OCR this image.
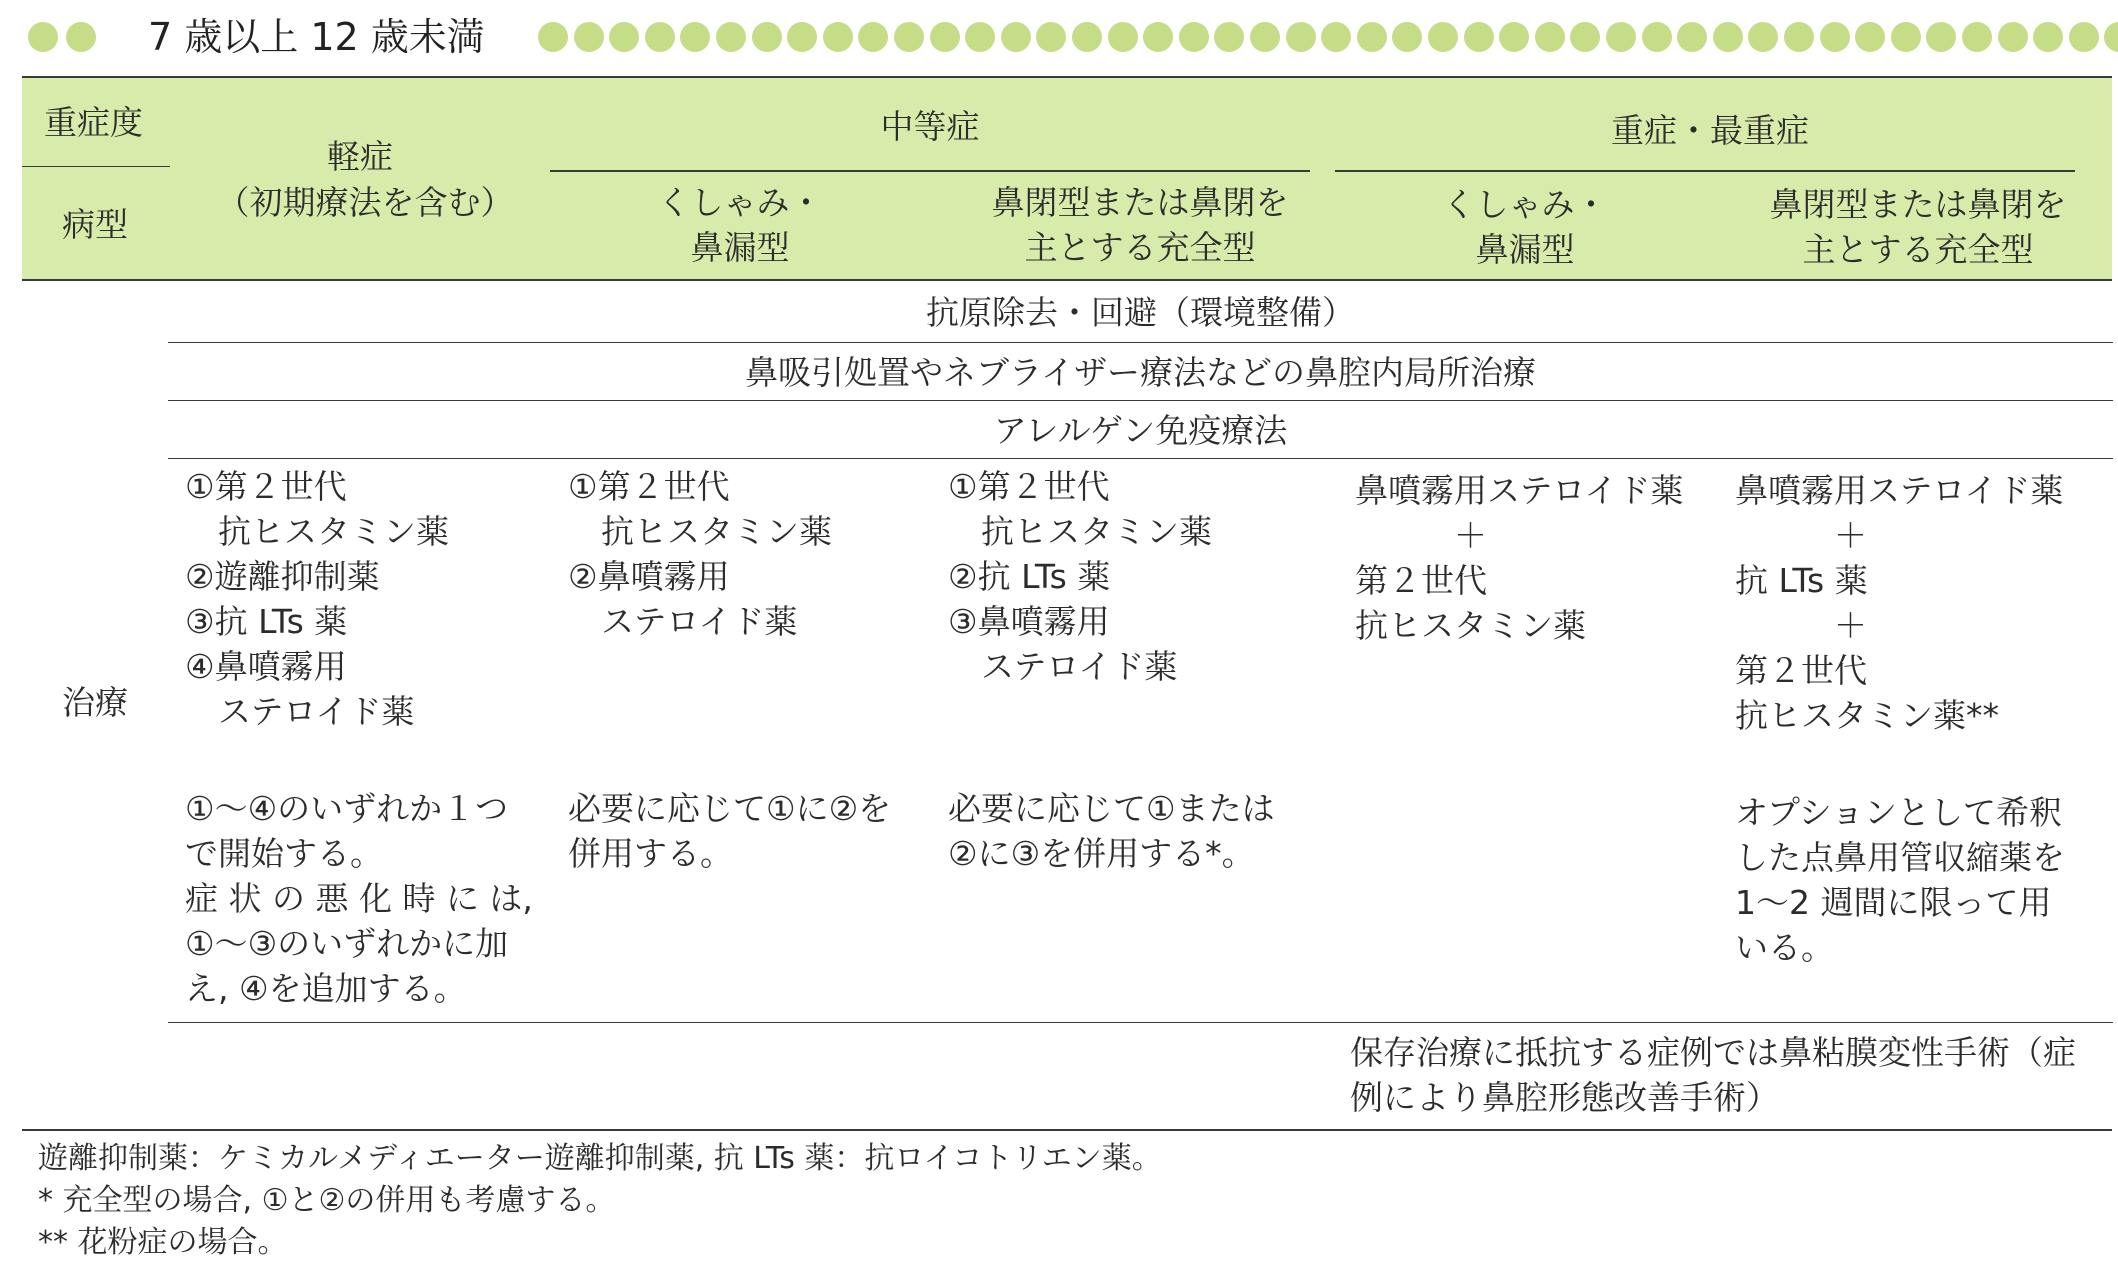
7 歳以上 12 歳未満
重症度
病型
軽症
（初期療法を含む）
中等症	重症・最重症
くしゃみ・
鼻漏型
鼻閉型または鼻閉を
主とする充全型
くしゃみ・
鼻漏型
鼻閉型または鼻閉を
主とする充全型
抗原除去・回避（環境整備）
鼻吸引処置やネブライザー療法などの鼻腔内局所治療
アレルゲン免疫療法
治療
①第２世代
　抗ヒスタミン薬
②遊離抑制薬
③抗 LTs 薬
④鼻噴霧用
　ステロイド薬
①〜④のいずれか１つ
で開始する。
症 状 の 悪 化 時 に は,
①〜③のいずれかに加
え, ④を追加する。
①第２世代
　抗ヒスタミン薬
②鼻噴霧用
　ステロイド薬
必要に応じて①に②を
併用する。
①第２世代
　抗ヒスタミン薬
②抗 LTs 薬
③鼻噴霧用
　ステロイド薬
必要に応じて①または
②に③を併用する*。
鼻噴霧用ステロイド薬
　　　＋
第２世代
抗ヒスタミン薬
鼻噴霧用ステロイド薬
　　　＋
抗 LTs 薬
　　　＋
第２世代
抗ヒスタミン薬**
オプションとして希釈
した点鼻用管収縮薬を
1〜2 週間に限って用
いる。
保存治療に抵抗する症例では鼻粘膜変性手術（症
例により鼻腔形態改善手術）
遊離抑制薬：ケミカルメディエーター遊離抑制薬, 抗 LTs 薬：抗ロイコトリエン薬。
* 充全型の場合, ①と②の併用も考慮する。
** 花粉症の場合。
